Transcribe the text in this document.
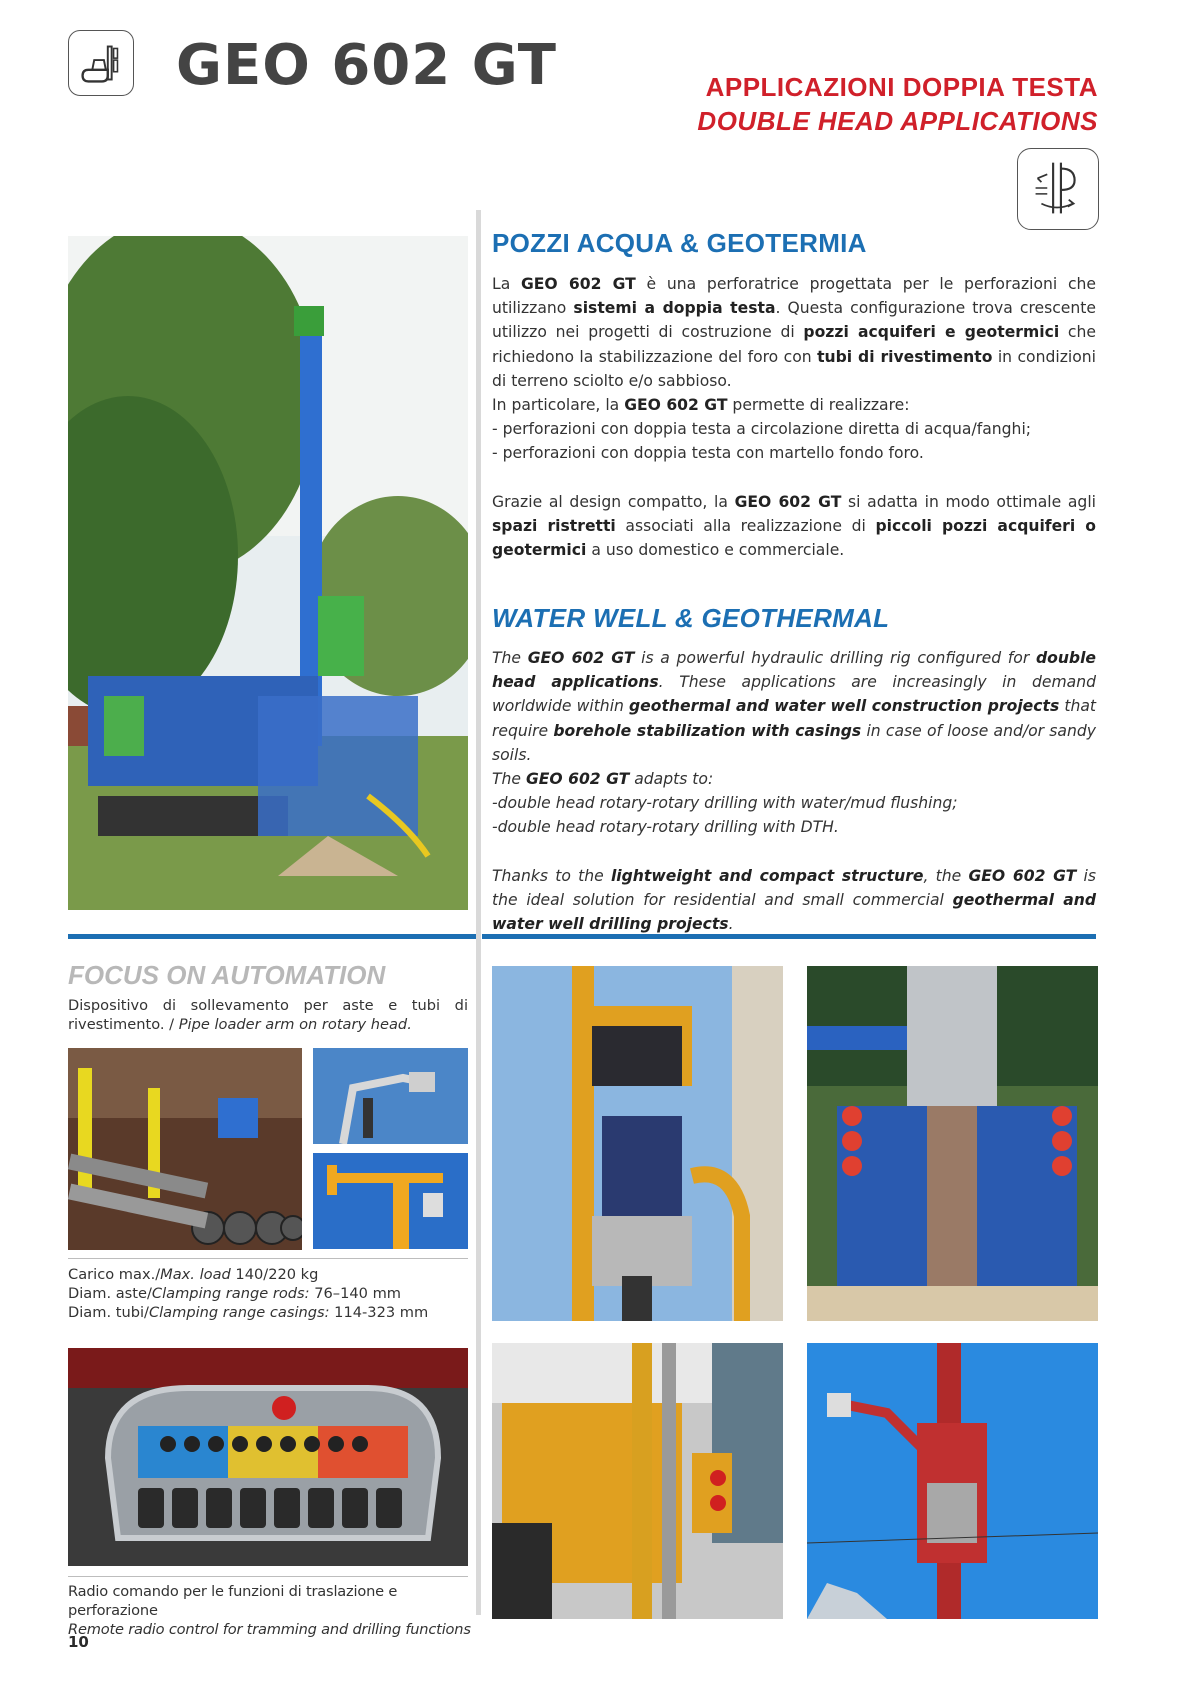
GEO 602 GT	APPLICAZIONI DOPPIA TESTA
DOUBLE HEAD APPLICATIONS
POZZI ACQUA & GEOTERMIA

La GEO 602 GT è una perforatrice progettata per le perforazioni che utilizzano sistemi a doppia testa. Questa configurazione trova crescente utilizzo nei progetti di costruzione di pozzi acquiferi e geotermici che richiedono la stabilizzazione del foro con tubi di rivestimento in condizioni di terreno sciolto e/o sabbioso.

In particolare, la GEO 602 GT permette di realizzare:

- perforazioni con doppia testa a circolazione diretta di acqua/fanghi;
- perforazioni con doppia testa con martello fondo foro.

Grazie al design compatto, la GEO 602 GT si adatta in modo ottimale agli spazi ristretti associati alla realizzazione di piccoli pozzi acquiferi o geotermici a uso domestico e commerciale.

WATER WELL & GEOTHERMAL

The GEO 602 GT is a powerful hydraulic drilling rig configured for double head applications. These applications are increasingly in demand worldwide within geothermal and water well construction projects that require borehole stabilization with casings in case of loose and/or sandy soils.

The GEO 602 GT adapts to:

-double head rotary-rotary drilling with water/mud flushing;
-double head rotary-rotary drilling with DTH.

Thanks to the lightweight and compact structure, the GEO 602 GT is the ideal solution for residential and small commercial geothermal and water well drilling projects.

FOCUS ON AUTOMATION
Dispositivo di sollevamento per aste e tubi di rivestimento. / Pipe loader arm on rotary head.
Carico max./Max. load 140/220 kg
Diam. aste/Clamping range rods: 76–140 mm
Diam. tubi/Clamping range casings: 114-323 mm
Radio comando per le funzioni di traslazione e perforazione
Remote radio control for tramming and drilling functions
10
